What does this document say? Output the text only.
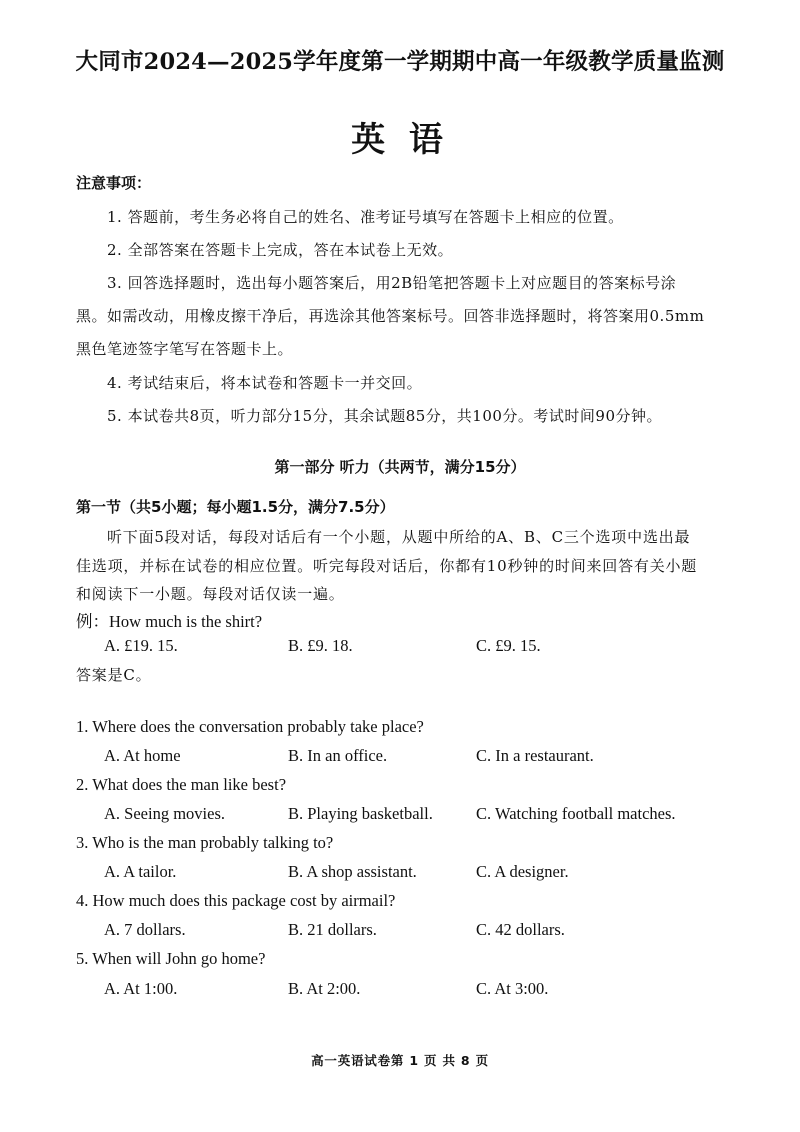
大同市2024—2025学年度第一学期期中高一年级教学质量监测
英 语
注意事项：
1. 答题前，考生务必将自己的姓名、准考证号填写在答题卡上相应的位置。
2. 全部答案在答题卡上完成，答在本试卷上无效。
3. 回答选择题时，选出每小题答案后，用2B铅笔把答题卡上对应题目的答案标号涂
黑。如需改动，用橡皮擦干净后，再选涂其他答案标号。回答非选择题时，将答案用0.5mm
黑色笔迹签字笔写在答题卡上。
4. 考试结束后，将本试卷和答题卡一并交回。
5. 本试卷共8页，听力部分15分，其余试题85分，共100分。考试时间90分钟。
第一部分 听力（共两节，满分15分）
第一节（共5小题；每小题1.5分，满分7.5分）
听下面5段对话，每段对话后有一个小题，从题中所给的A、B、C三个选项中选出最
佳选项，并标在试卷的相应位置。听完每段对话后，你都有10秒钟的时间来回答有关小题
和阅读下一小题。每段对话仅读一遍。
例：How much is the shirt?
A. £19. 15.	B. £9. 18.	C. £9. 15.
答案是C。
1. Where does the conversation probably take place?
A. At home	B. In an office.	C. In a restaurant.
2. What does the man like best?
A. Seeing movies.	B. Playing basketball.	C. Watching football matches.
3. Who is the man probably talking to?
A. A tailor.	B. A shop assistant.	C. A designer.
4. How much does this package cost by airmail?
A. 7 dollars.	B. 21 dollars.	C. 42 dollars.
5. When will John go home?
A. At 1:00.	B. At 2:00.	C. At 3:00.
高一英语试卷第 1 页 共 8 页
